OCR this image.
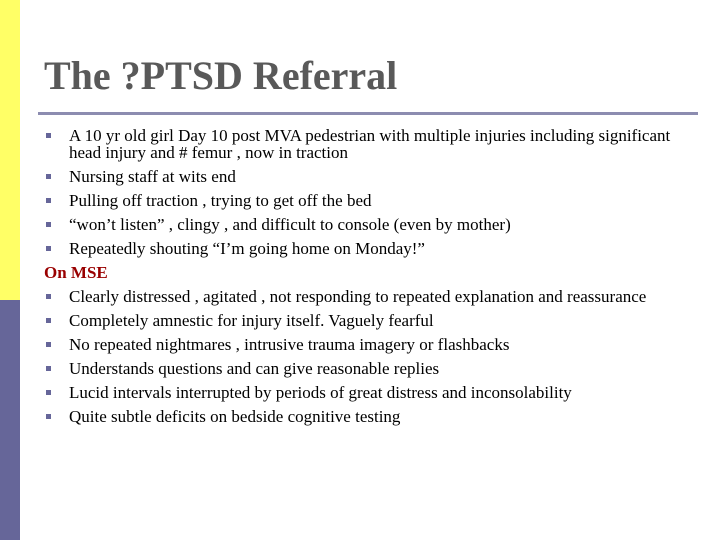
The ?PTSD Referral
A 10 yr old girl Day 10 post MVA pedestrian with multiple injuries including significant head injury and # femur , now in traction
Nursing staff at wits end
Pulling off traction , trying to get off the bed
“won’t listen” , clingy , and difficult to console (even by mother)
Repeatedly shouting “I’m going home on Monday!”
On MSE
Clearly distressed , agitated , not responding to repeated explanation and reassurance
Completely amnestic for injury itself. Vaguely fearful
No repeated nightmares , intrusive trauma imagery or flashbacks
Understands questions and can give reasonable replies
Lucid intervals interrupted by periods of great distress and inconsolability
Quite subtle deficits on bedside cognitive testing
